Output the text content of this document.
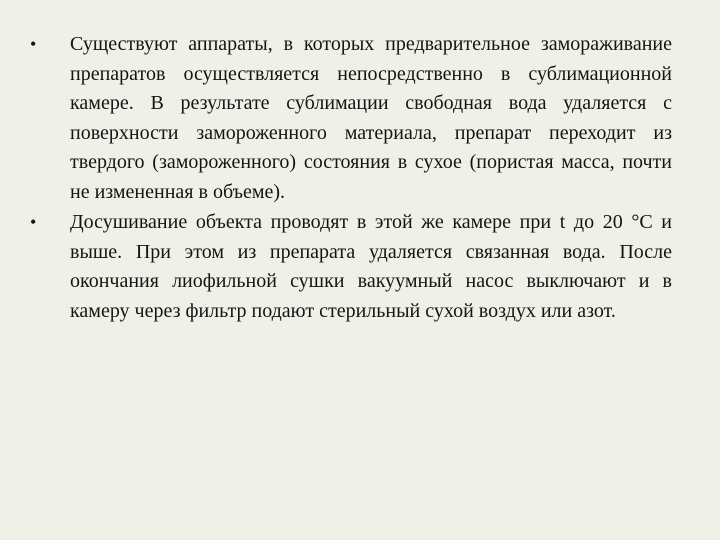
•	Существуют аппараты, в которых предварительное замораживание препаратов осуществляется непосредственно в сублимационной камере. В результате сублимации свободная вода удаляется с поверхности замороженного материала, препарат переходит из твердого (замороженного) состояния в сухое (пористая масса, почти не измененная в объеме).
•	Досушивание объекта проводят в этой же камере при t до 20 °С и выше. При этом из препарата удаляется связанная вода. После окончания лиофильной сушки вакуумный насос выключают и в камеру через фильтр подают стерильный сухой воздух или азот.
